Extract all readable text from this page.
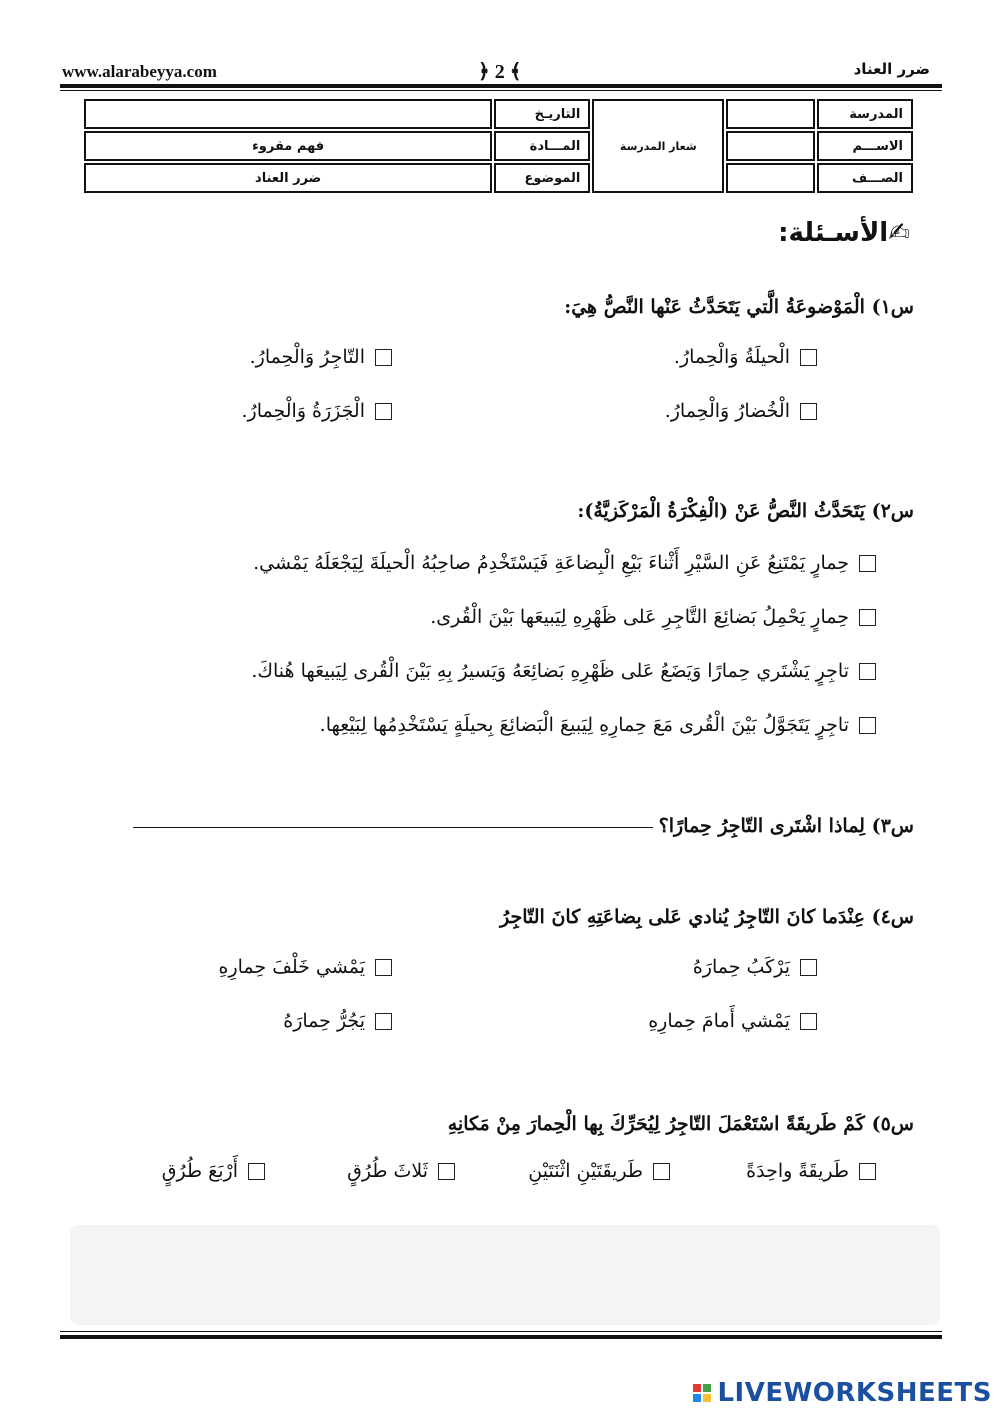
www.alarabeyya.com	﴿ 2 ﴾	ضرر العناد
المدرسة		شعار المدرسة	التاريـخ	
الاســـم			المـــادة	فهم مقروء
الصـــف			الموضوع	ضرر العناد
✍الأسـئلة:
س١) الْمَوْضوعَةُ الَّتي يَتَحَدَّثُ عَنْها النَّصُّ هِيَ:
الْحيلَةُ وَالْحِمارُ.
التّاجِرُ وَالْحِمارُ.
الْخُضارُ وَالْحِمارُ.
الْجَزَرَةُ وَالْحِمارُ.
س٢) يَتَحَدَّثُ النَّصُّ عَنْ (الْفِكْرَةُ الْمَرْكَزيَّةُ):
حِمارٍ يَمْتَنِعُ عَنِ السَّيْرِ أَثْناءَ بَيْعِ الْبِضاعَةِ فَيَسْتَخْدِمُ صاحِبُهُ الْحيلَةَ لِيَجْعَلَهُ يَمْشي.
حِمارٍ يَحْمِلُ بَضائِعَ التَّاجِرِ عَلى ظَهْرِهِ لِيَبيعَها بَيْنَ الْقُرى.
تاجِرٍ يَشْتَري حِمارًا وَيَضَعُ عَلى ظَهْرِهِ بَضائِعَهُ وَيَسيرُ بِهِ بَيْنَ الْقُرى لِيَبيعَها هُناكَ.
تاجِرٍ يَتَجَوَّلُ بَيْنَ الْقُرى مَعَ حِمارِهِ لِيَبيعَ الْبَضائِعَ بِحيلَةٍ يَسْتَخْدِمُها لِبَيْعِها.
س٣) لِماذا اشْتَرى التّاجِرُ حِمارًا؟
س٤) عِنْدَما كانَ التّاجِرُ يُنادي عَلى بِضاعَتِهِ كانَ التّاجِرُ
يَرْكَبُ حِمارَهُ
يَمْشي خَلْفَ حِمارِهِ
يَمْشي أَمامَ حِمارِهِ
يَجُرُّ حِمارَهُ
س٥) كَمْ طَريقَةً اسْتَعْمَلَ التّاجِرُ لِيُحَرِّكَ بِها الْحِمارَ مِنْ مَكانِهِ
طَريقَةً واحِدَةً
طَريقَتَيْنِ اثْنَتَيْنِ
ثَلاثَ طُرُقٍ
أَرْبَعَ طُرُقٍ
LIVEWORKSHEETS
